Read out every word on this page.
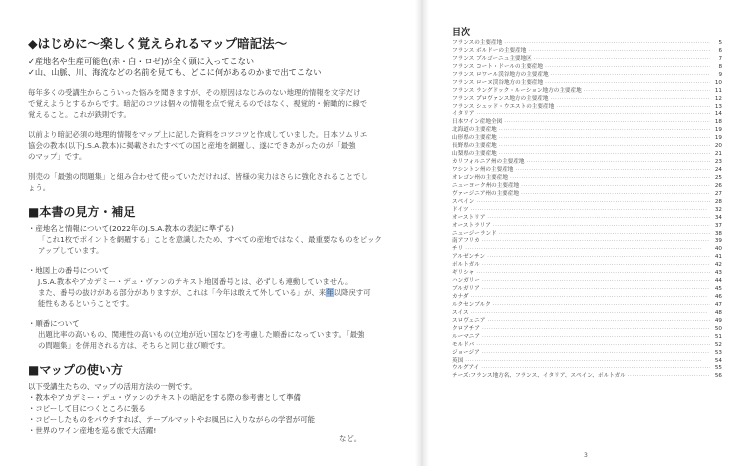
◆はじめに～楽しく覚えられるマップ暗記法～
✓産地名や生産可能色(赤・白・ロゼ)が全く頭に入ってこない
✓山、山脈、川、海流などの名前を見ても、どこに何があるのかまで出てこない

毎年多くの受講生からこういった悩みを聞きますが、その原因はなじみのない地理的情報を文字だけ
で覚えようとするからです。暗記のコツは個々の情報を点で覚えるのではなく、視覚的・俯瞰的に線で
覚えること。これが鉄則です。

以前より暗記必須の地理的情報をマップ上に記した資料をコツコツと作成していました。日本ソムリエ
協会の教本(以下J.S.A.教本)に掲載されたすべての国と産地を網羅し、遂にできあがったのが「最強
のマップ」です。

別売の「最強の問題集」と組み合わせて使っていただければ、皆様の実力はさらに強化されることでし
ょう。

■本書の見方・補足
・産地名と情報について(2022年のJ.S.A.教本の表記に準ずる)
「これ1枚でポイントを網羅する」ことを意識したため、すべての産地ではなく、最重要なものをピック
アップしています。
・地図上の番号について
J.S.A.教本やアカデミー・デュ・ヴァンのテキスト地図番号とは、必ずしも連動していません。
また、番号の抜けがある部分がありますが、これは「今年は敢えて外している」が、来年以降戻す可
能性もあるということです。
・順番について
出題比率の高いもの、関連性の高いもの(立地が近い国など)を考慮した順番になっています。「最強
の問題集」を併用される方は、そちらと同じ並び順です。
■マップの使い方
以下受講生たちの、マップの活用方法の一例です。
・教本やアカデミー・デュ・ヴァンのテキストの暗記をする際の参考書として準備
・コピーして目につくところに張る
・コピーしたものをパウチすれば、テーブルマットやお風呂に入りながらの学習が可能
・世界のワイン産地を巡る旅で大活躍!
など。
目次
フランスの主要産地 ·····	5
フランス ボルドーの主要産地 ·····	6
フランス ブルゴーニュ主要地区 ·····	7
フランス コート・ドールの主要産地 ·····	8
フランス ロワール渓谷地方の主要産地 ·····	9
フランス ローヌ渓谷地方の主要産地 ·····	10
フランス ラングドック・ルーション地方の主要産地 ·····	11
フランス プロヴァンス地方の主要産地 ·····	12
フランス シュッド・ウエストの主要産地 ·····	13
イタリア ·····	14
日本ワイン産地全図 ·····	18
北海道の主要産地 ·····	19
山形県の主要産地 ·····	19
長野県の主要産地 ·····	20
山梨県の主要産地 ·····	21
カリフォルニア州の主要産地 ·····	23
ワシントン州の主要産地 ·····	24
オレゴン州の主要産地 ·····	25
ニューヨーク州の主要産地 ·····	26
ヴァージニア州の主要産地 ·····	27
スペイン ·····	28
ドイツ ·····	32
オーストリア ·····	34
オーストラリア ·····	37
ニュージーランド ·····	38
南アフリカ ·····	39
チリ ·····	40
アルゼンチン ·····	41
ポルトガル ·····	42
ギリシャ ·····	43
ハンガリー ·····	44
ブルガリア ·····	45
カナダ ·····	46
ルクセンブルク ·····	47
スイス ·····	48
スロヴェニア ·····	49
クロアチア ·····	50
ルーマニア ·····	51
モルドバ ·····	52
ジョージア ·····	53
英国 ·····	54
ウルグアイ ·····	55
テーズ:フランス地方名、フランス、イタリア、スペイン、ポルトガル ·····	56
3
